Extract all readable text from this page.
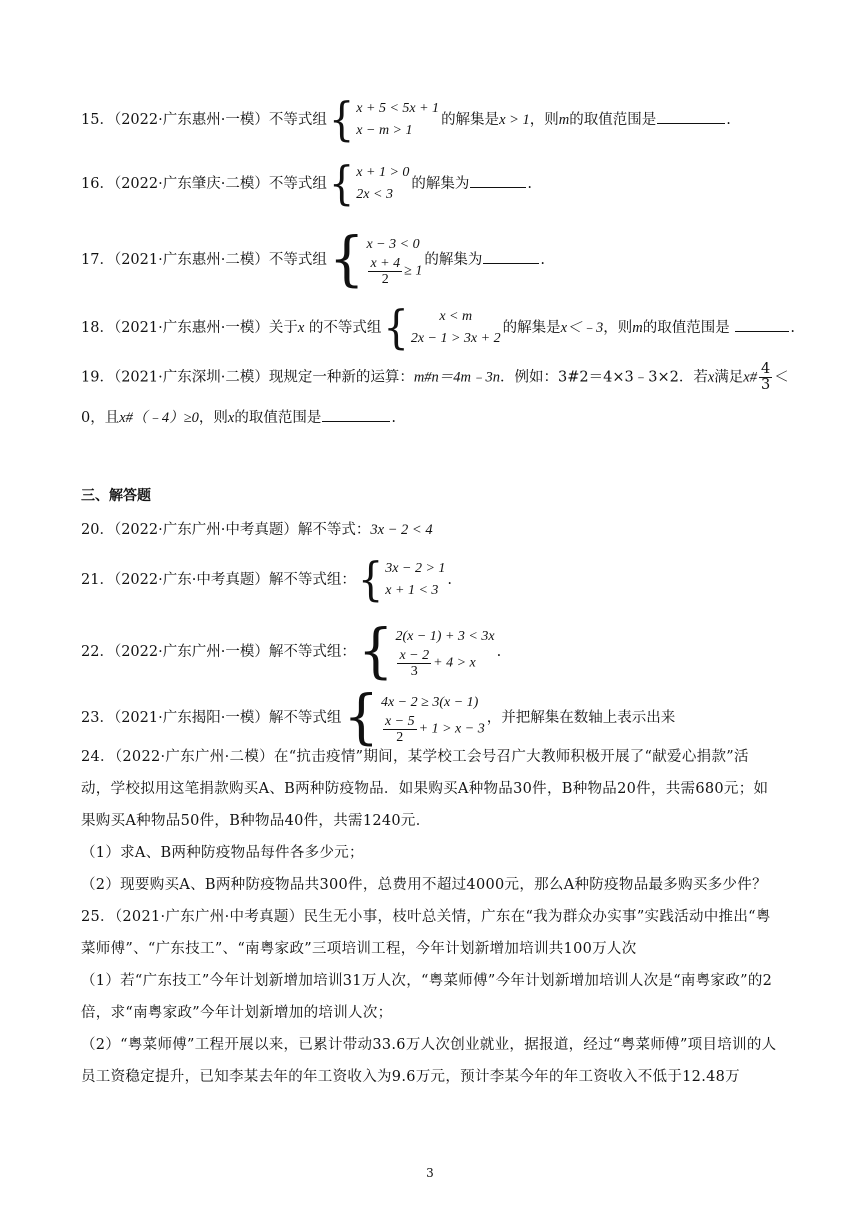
15．（2022·广东惠州·一模）不等式组 { x + 5 < 5x + 1
x − m > 1
的解集是x > 1，则m的取值范围是	.
16．（2022·广东肇庆·二模）不等式组 { x + 1 > 0
2x < 3
的解集为	.
17．（2021·广东惠州·二模）不等式组 { x − 3 < 0
$\frac{x + 4}{2} \ge 1$
的解集为	.
18．（2021·广东惠州·一模）关于x 的不等式组 { x < m
2x − 1 > 3x + 2
的解集是x＜﹣3，则m的取值范围是	.
19．（2021·广东深圳·二模）现规定一种新的运算：m#n＝4m﹣3n．例如：3#2＝4×3﹣3×2．若x满足x# $\frac{4}{3}$ ＜
0，且x#（﹣4）≥0，则x的取值范围是	.
三、解答题
20．（2022·广东广州·中考真题）解不等式：3x − 2 < 4
21．（2022·广东·中考真题）解不等式组： { 3x − 2 > 1
x + 1 < 3
.
22．（2022·广东广州·一模）解不等式组： { 2(x − 1) + 3 < 3x
$\frac{x - 2}{3} + 4 > x$
.
23．（2021·广东揭阳·一模）解不等式组 { 4x − 2 ≥ 3(x − 1)
$\frac{x - 5}{2} + 1 > x - 3$
，并把解集在数轴上表示出来
24．（2022·广东广州·二模）在“抗击疫情”期间，某学校工会号召广大教师积极开展了“献爱心捐款”活动，学校拟用这笔捐款购买A、B两种防疫物品．如果购买A种物品30件，B种物品20件，共需680元；如果购买A种物品50件，B种物品40件，共需1240元．
（1）求A、B两种防疫物品每件各多少元；
（2）现要购买A、B两种防疫物品共300件，总费用不超过4000元，那么A种防疫物品最多购买多少件？
25．（2021·广东广州·中考真题）民生无小事，枝叶总关情，广东在“我为群众办实事”实践活动中推出“粤菜师傅”、“广东技工”、“南粤家政”三项培训工程，今年计划新增加培训共100万人次
（1）若“广东技工”今年计划新增加培训31万人次，“粤菜师傅”今年计划新增加培训人次是“南粤家政”的2倍，求“南粤家政”今年计划新增加的培训人次；
（2）“粤菜师傅”工程开展以来，已累计带动33.6万人次创业就业，据报道，经过“粤菜师傅”项目培训的人员工资稳定提升，已知李某去年的年工资收入为9.6万元，预计李某今年的年工资收入不低于12.48万
3
